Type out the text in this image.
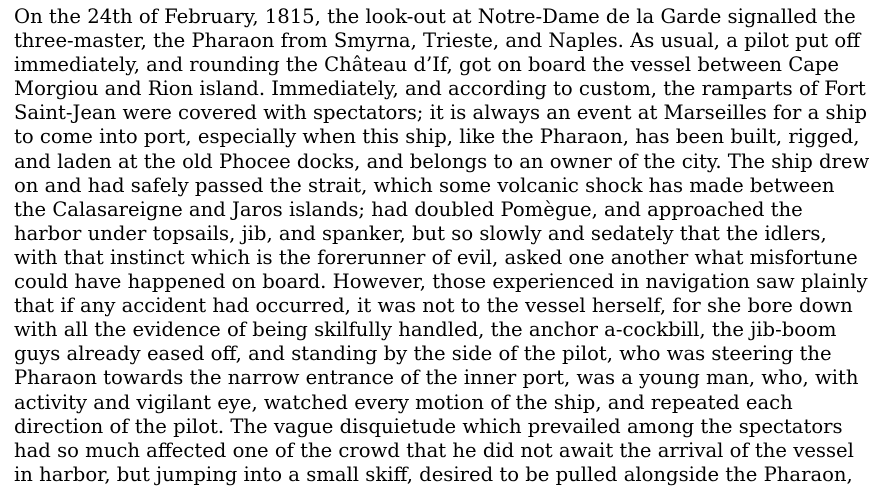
On the 24th of February, 1815, the look-out at Notre-Dame de la Garde signalled the
three-master, the Pharaon from Smyrna, Trieste, and Naples. As usual, a pilot put off
immediately, and rounding the Château d’If, got on board the vessel between Cape
Morgiou and Rion island. Immediately, and according to custom, the ramparts of Fort
Saint-Jean were covered with spectators; it is always an event at Marseilles for a ship
to come into port, especially when this ship, like the Pharaon, has been built, rigged,
and laden at the old Phocee docks, and belongs to an owner of the city. The ship drew
on and had safely passed the strait, which some volcanic shock has made between
the Calasareigne and Jaros islands; had doubled Pomègue, and approached the
harbor under topsails, jib, and spanker, but so slowly and sedately that the idlers,
with that instinct which is the forerunner of evil, asked one another what misfortune
could have happened on board. However, those experienced in navigation saw plainly
that if any accident had occurred, it was not to the vessel herself, for she bore down
with all the evidence of being skilfully handled, the anchor a-cockbill, the jib-boom
guys already eased off, and standing by the side of the pilot, who was steering the
Pharaon towards the narrow entrance of the inner port, was a young man, who, with
activity and vigilant eye, watched every motion of the ship, and repeated each
direction of the pilot. The vague disquietude which prevailed among the spectators
had so much affected one of the crowd that he did not await the arrival of the vessel
in harbor, but jumping into a small skiff, desired to be pulled alongside the Pharaon,
